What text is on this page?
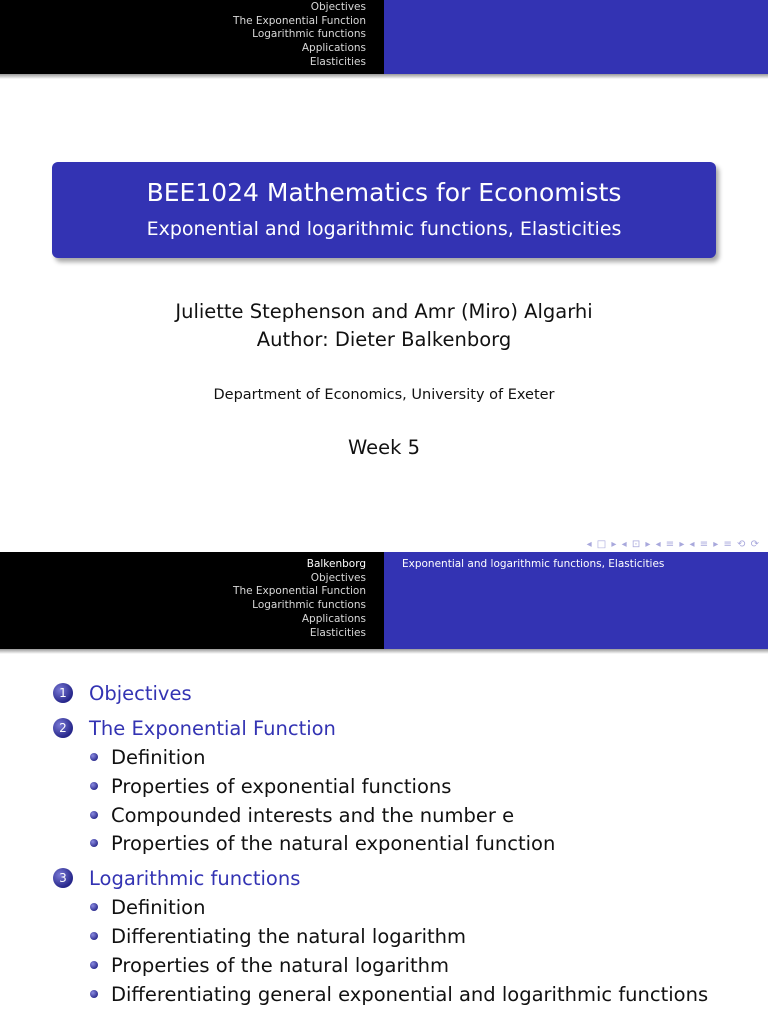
Objectives
The Exponential Function
Logarithmic functions
Applications
Elasticities
BEE1024 Mathematics for Economists
Exponential and logarithmic functions, Elasticities
Juliette Stephenson and Amr (Miro) Algarhi
Author: Dieter Balkenborg
Department of Economics, University of Exeter
Week 5
◂ □ ▸ ◂ ⊡ ▸ ◂ ≡ ▸ ◂ ≡ ▸ ≡ ⟲ ⟳
Balkenborg
Objectives
The Exponential Function
Logarithmic functions
Applications
Elasticities
Exponential and logarithmic functions, Elasticities
1	Objectives
2	The Exponential Function
Definition
Properties of exponential functions
Compounded interests and the number e
Properties of the natural exponential function
3	Logarithmic functions
Definition
Differentiating the natural logarithm
Properties of the natural logarithm
Differentiating general exponential and logarithmic functions
